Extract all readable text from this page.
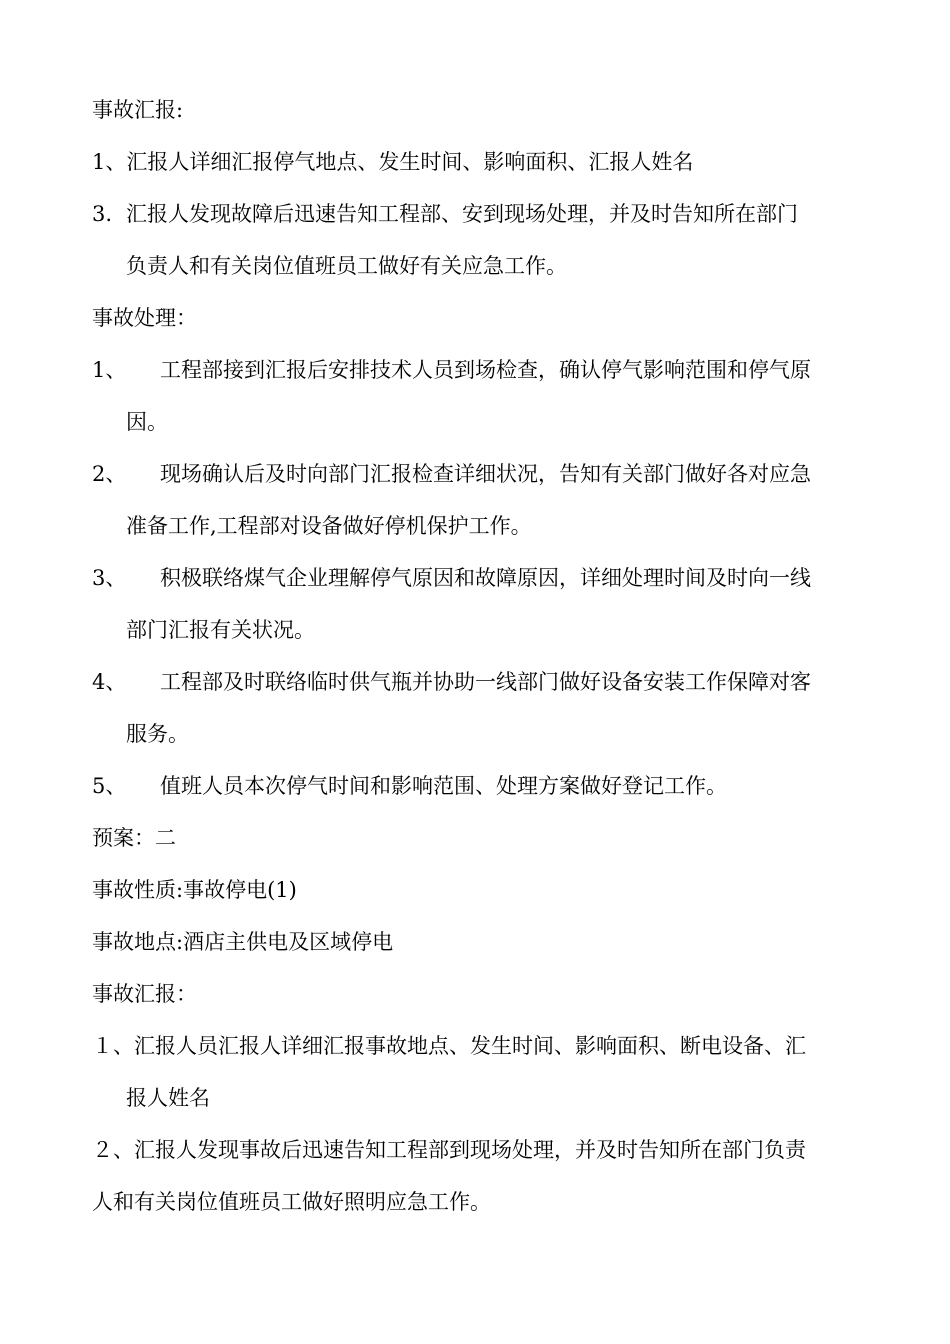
事故汇报:
1、汇报人详细汇报停气地点、发生时间、影响面积、汇报人姓名
3.汇报人发现故障后迅速告知工程部、安到现场处理，并及时告知所在部门
负责人和有关岗位值班员工做好有关应急工作。
事故处理：
1、 工程部接到汇报后安排技术人员到场检查，确认停气影响范围和停气原
因。
2、 现场确认后及时向部门汇报检查详细状况，告知有关部门做好各对应急
准备工作,工程部对设备做好停机保护工作。
3、 积极联络煤气企业理解停气原因和故障原因，详细处理时间及时向一线
部门汇报有关状况。
4、 工程部及时联络临时供气瓶并协助一线部门做好设备安装工作保障对客
服务。
5、 值班人员本次停气时间和影响范围、处理方案做好登记工作。
预案：二
事故性质:事故停电(1)
事故地点:酒店主供电及区域停电
事故汇报：
１、汇报人员汇报人详细汇报事故地点、发生时间、影响面积、断电设备、汇
报人姓名
２、汇报人发现事故后迅速告知工程部到现场处理，并及时告知所在部门负责
人和有关岗位值班员工做好照明应急工作。
